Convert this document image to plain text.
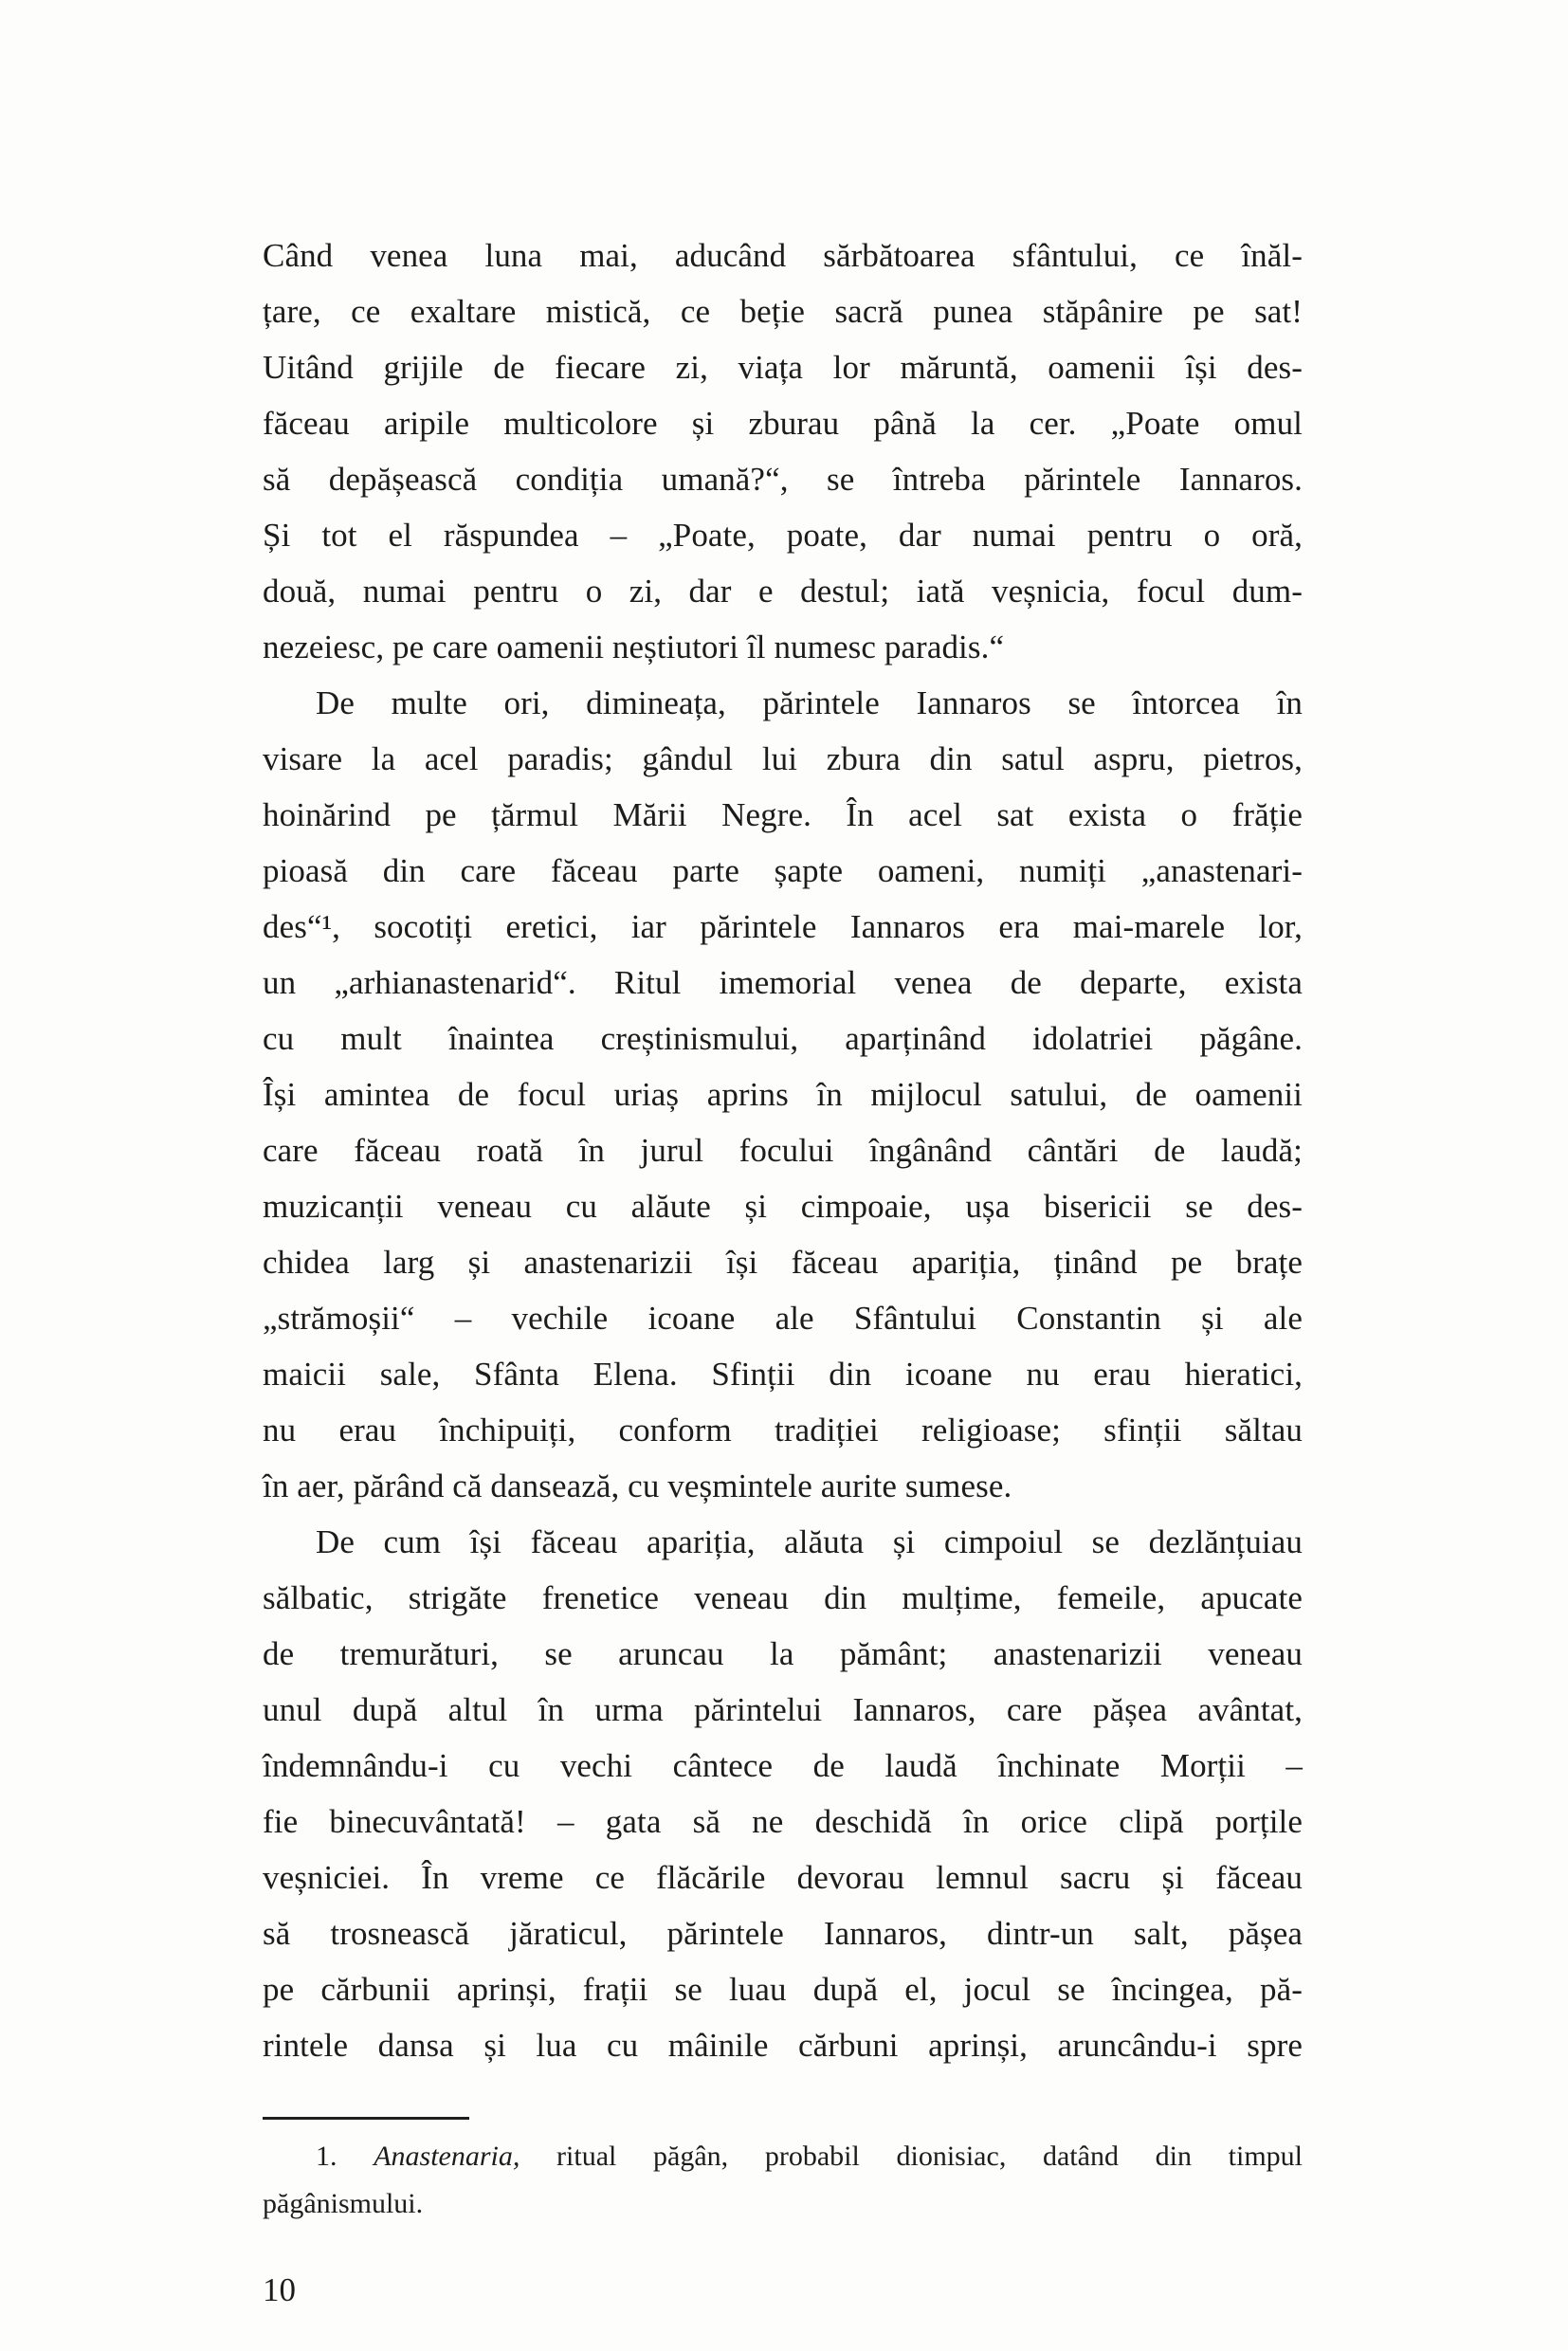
Când venea luna mai, aducând sărbătoarea sfântului, ce înăl-
țare, ce exaltare mistică, ce beție sacră punea stăpânire pe sat!
Uitând grijile de fiecare zi, viața lor măruntă, oamenii își des-
făceau aripile multicolore și zburau până la cer. „Poate omul
să depășească condiția umană?“, se întreba părintele Iannaros.
Și tot el răspundea – „Poate, poate, dar numai pentru o oră,
două, numai pentru o zi, dar e destul; iată veșnicia, focul dum-
nezeiesc, pe care oamenii neștiutori îl numesc paradis.“
De multe ori, dimineața, părintele Iannaros se întorcea în
visare la acel paradis; gândul lui zbura din satul aspru, pietros,
hoinărind pe țărmul Mării Negre. În acel sat exista o frăție
pioasă din care făceau parte șapte oameni, numiți „anastenari-
des“¹, socotiți eretici, iar părintele Iannaros era mai-marele lor,
un „arhianastenarid“. Ritul imemorial venea de departe, exista
cu mult înaintea creștinismului, aparținând idolatriei păgâne.
Își amintea de focul uriaș aprins în mijlocul satului, de oamenii
care făceau roată în jurul focului îngânând cântări de laudă;
muzicanții veneau cu alăute și cimpoaie, ușa bisericii se des-
chidea larg și anastenarizii își făceau apariția, ținând pe brațe
„strămoșii“ – vechile icoane ale Sfântului Constantin și ale
maicii sale, Sfânta Elena. Sfinții din icoane nu erau hieratici,
nu erau închipuiți, conform tradiției religioase; sfinții săltau
în aer, părând că dansează, cu veșmintele aurite sumese.
De cum își făceau apariția, alăuta și cimpoiul se dezlănțuiau
sălbatic, strigăte frenetice veneau din mulțime, femeile, apucate
de tremurături, se aruncau la pământ; anastenarizii veneau
unul după altul în urma părintelui Iannaros, care pășea avântat,
îndemnându-i cu vechi cântece de laudă închinate Morții –
fie binecuvântată! – gata să ne deschidă în orice clipă porțile
veșniciei. În vreme ce flăcările devorau lemnul sacru și făceau
să trosnească jăraticul, părintele Iannaros, dintr-un salt, pășea
pe cărbunii aprinși, frații se luau după el, jocul se încingea, pă-
rintele dansa și lua cu mâinile cărbuni aprinși, aruncându-i spre
1. Anastenaria, ritual păgân, probabil dionisiac, datând din timpul
păgânismului.
10
